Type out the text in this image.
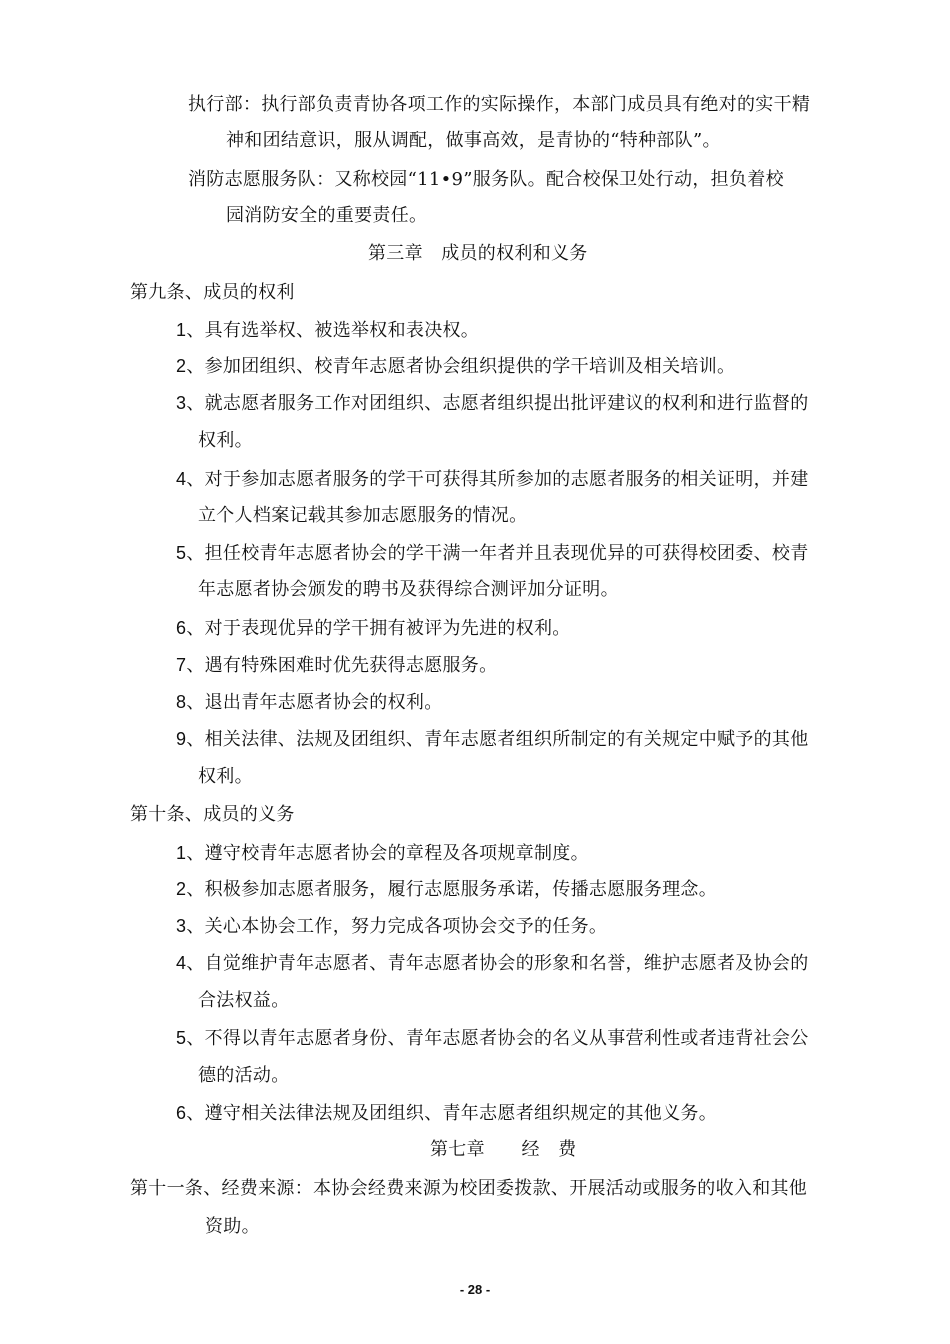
执行部：执行部负责青协各项工作的实际操作，本部门成员具有绝对的实干精
神和团结意识，服从调配，做事高效，是青协的“特种部队”。
消防志愿服务队：又称校园“11•9”服务队。配合校保卫处行动，担负着校
园消防安全的重要责任。
第三章　成员的权利和义务
第九条、成员的权利
1、具有选举权、被选举权和表决权。
2、参加团组织、校青年志愿者协会组织提供的学干培训及相关培训。
3、就志愿者服务工作对团组织、志愿者组织提出批评建议的权利和进行监督的
权利。
4、对于参加志愿者服务的学干可获得其所参加的志愿者服务的相关证明，并建
立个人档案记载其参加志愿服务的情况。
5、担任校青年志愿者协会的学干满一年者并且表现优异的可获得校团委、校青
年志愿者协会颁发的聘书及获得综合测评加分证明。
6、对于表现优异的学干拥有被评为先进的权利。
7、遇有特殊困难时优先获得志愿服务。
8、退出青年志愿者协会的权利。
9、相关法律、法规及团组织、青年志愿者组织所制定的有关规定中赋予的其他
权利。
第十条、成员的义务
1、遵守校青年志愿者协会的章程及各项规章制度。
2、积极参加志愿者服务，履行志愿服务承诺，传播志愿服务理念。
3、关心本协会工作，努力完成各项协会交予的任务。
4、自觉维护青年志愿者、青年志愿者协会的形象和名誉，维护志愿者及协会的
合法权益。
5、不得以青年志愿者身份、青年志愿者协会的名义从事营利性或者违背社会公
德的活动。
6、遵守相关法律法规及团组织、青年志愿者组织规定的其他义务。
第七章　　经　费
第十一条、经费来源：本协会经费来源为校团委拨款、开展活动或服务的收入和其他
资助。
- 28 -
